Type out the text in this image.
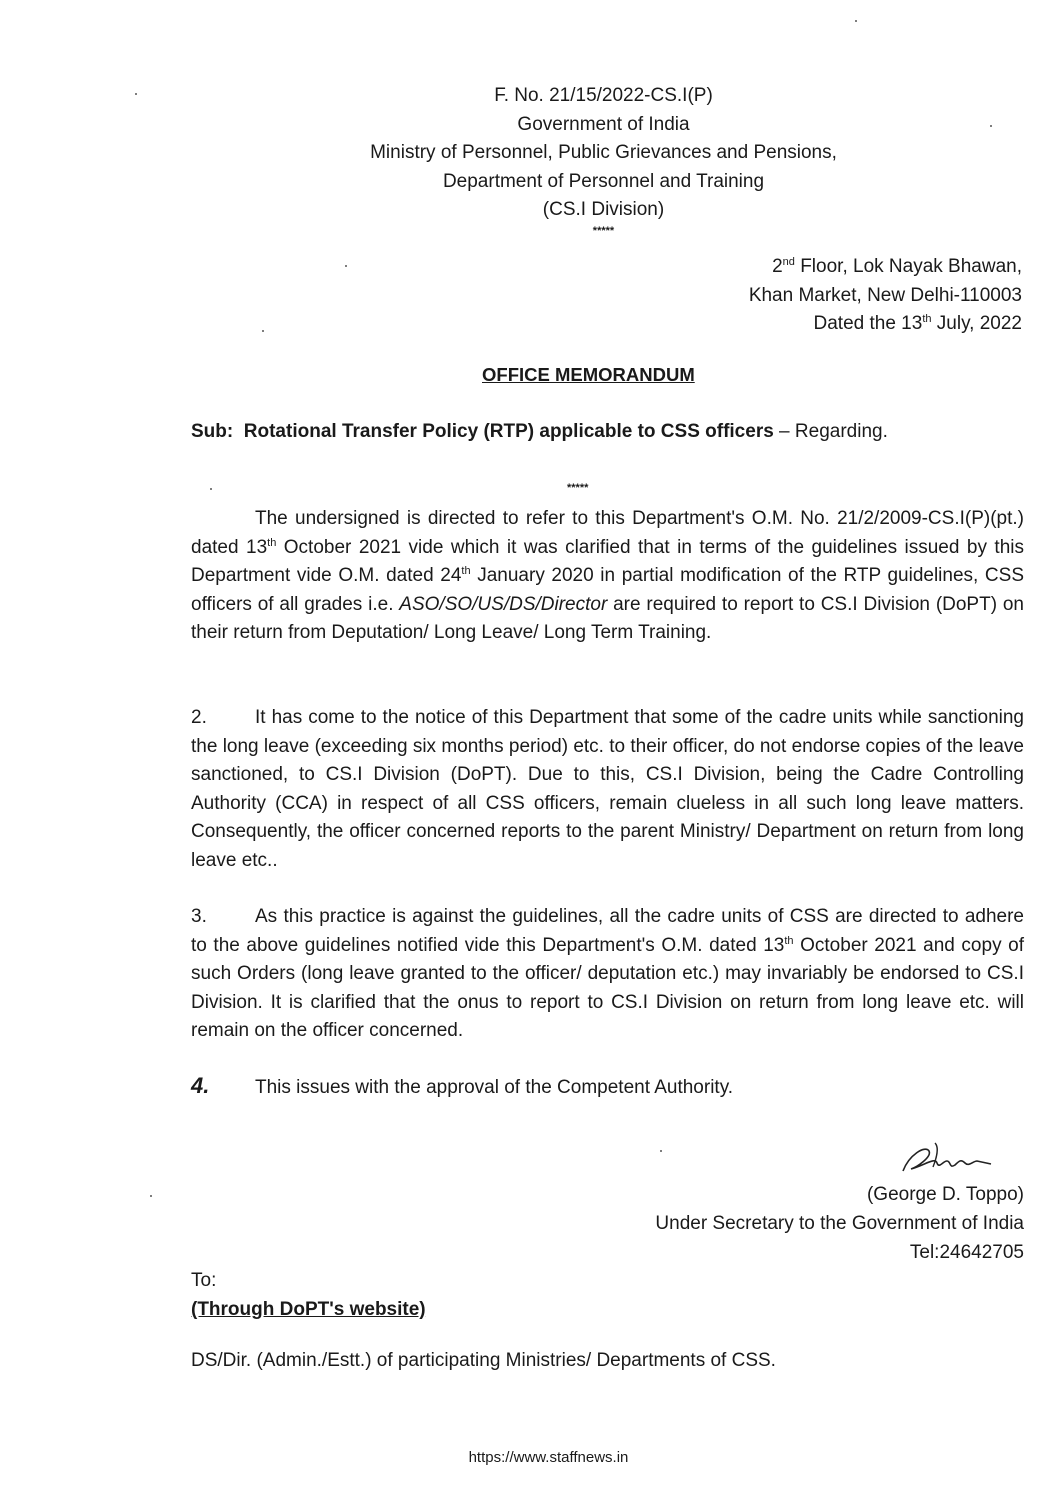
F. No. 21/15/2022-CS.I(P)
Government of India
Ministry of Personnel, Public Grievances and Pensions,
Department of Personnel and Training
(CS.I Division)
*****
2nd Floor, Lok Nayak Bhawan,
Khan Market, New Delhi-110003
Dated the 13th July, 2022
OFFICE MEMORANDUM
Sub: Rotational Transfer Policy (RTP) applicable to CSS officers – Regarding.
*****
The undersigned is directed to refer to this Department's O.M. No. 21/2/2009-CS.I(P)(pt.) dated 13th October 2021 vide which it was clarified that in terms of the guidelines issued by this Department vide O.M. dated 24th January 2020 in partial modification of the RTP guidelines, CSS officers of all grades i.e. ASO/SO/US/DS/Director are required to report to CS.I Division (DoPT) on their return from Deputation/ Long Leave/ Long Term Training.
2.	It has come to the notice of this Department that some of the cadre units while sanctioning the long leave (exceeding six months period) etc. to their officer, do not endorse copies of the leave sanctioned, to CS.I Division (DoPT). Due to this, CS.I Division, being the Cadre Controlling Authority (CCA) in respect of all CSS officers, remain clueless in all such long leave matters. Consequently, the officer concerned reports to the parent Ministry/ Department on return from long leave etc..
3.	As this practice is against the guidelines, all the cadre units of CSS are directed to adhere to the above guidelines notified vide this Department's O.M. dated 13th October 2021 and copy of such Orders (long leave granted to the officer/ deputation etc.) may invariably be endorsed to CS.I Division. It is clarified that the onus to report to CS.I Division on return from long leave etc. will remain on the officer concerned.
4. This issues with the approval of the Competent Authority.
(George D. Toppo)
Under Secretary to the Government of India
Tel:24642705
To:
(Through DoPT's website)
DS/Dir. (Admin./Estt.) of participating Ministries/ Departments of CSS.
https://www.staffnews.in
